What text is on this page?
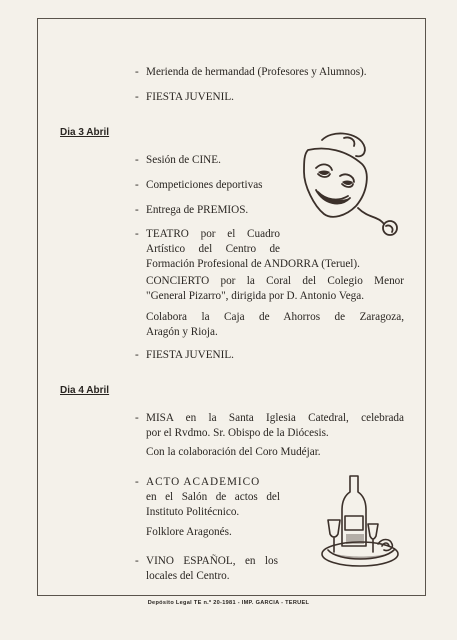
- Merienda de hermandad (Profesores y Alumnos).
- FIESTA JUVENIL.
Dia 3 Abril
- Sesión de CINE.
- Competiciones deportivas
- Entrega de PREMIOS.
- TEATRO por el Cuadro
Artístico del Centro de
Formación Profesional de ANDORRA (Teruel).
CONCIERTO por la Coral del Colegio Menor
"General Pizarro", dirigida por D. Antonio Vega.
Colabora la Caja de Ahorros de Zaragoza,
Aragón y Rioja.
- FIESTA JUVENIL.
Dia 4 Abril
- MISA en la Santa Iglesia Catedral, celebrada
por el Rvdmo. Sr. Obispo de la Diócesis.
Con la colaboración del Coro Mudéjar.
- ACTO ACADEMICO
en el Salón de actos del
Instituto Politécnico.
Folklore Aragonés.
- VINO ESPAÑOL, en los
locales del Centro.
Depósito Legal TE n.º 20-1981 - IMP. GARCIA - TERUEL
